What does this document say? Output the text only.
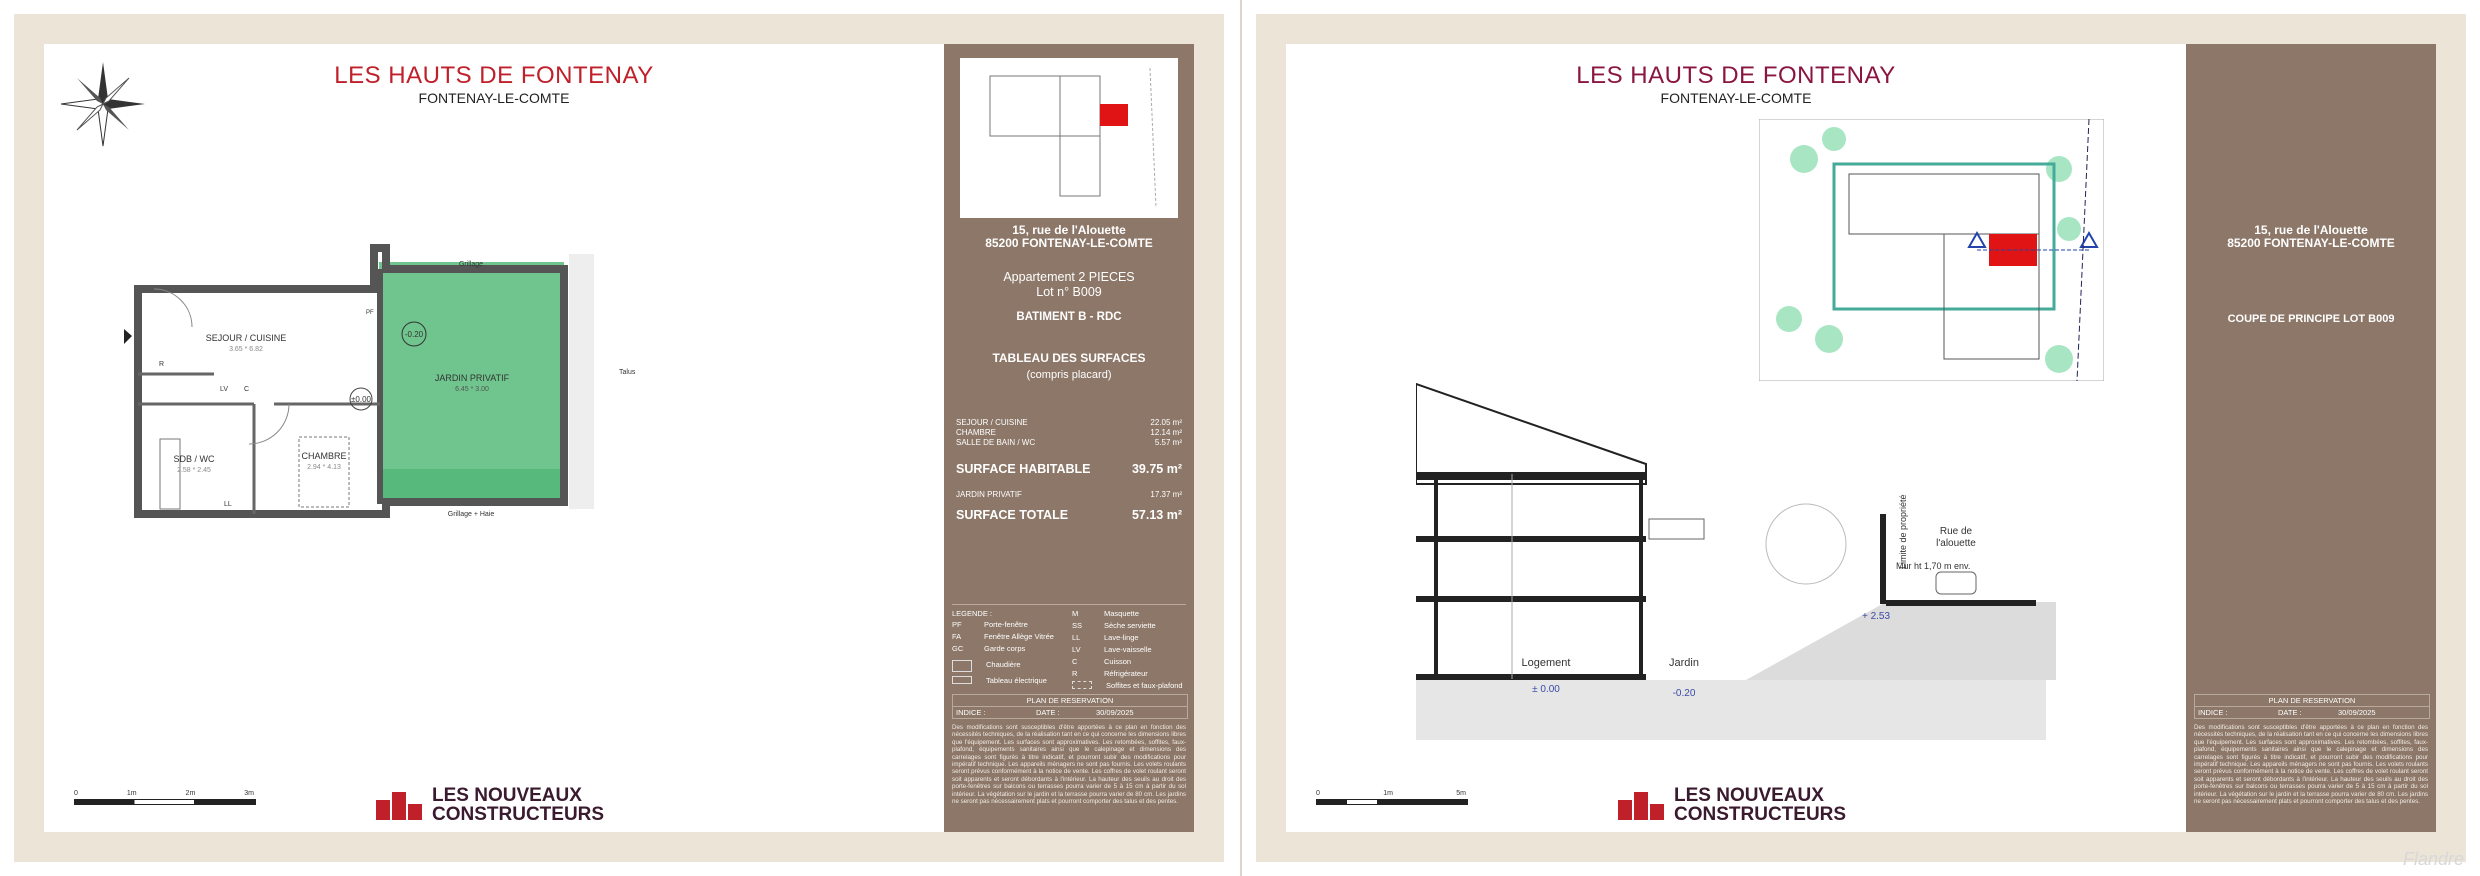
LES HAUTS DE FONTENAY
FONTENAY-LE-COMTE
SEJOUR / CUISINE
3.65 * 6.82
CHAMBRE
2.94 * 4.13
SDB / WC
2.58 * 2.45
JARDIN PRIVATIF
6.45 * 3.00
±0.00
-0.20
Grillage
Grillage + Haie
Talus
LV
R
C
LL
PF
0	1m	2m	3m	LES NOUVEAUX
CONSTRUCTEURS
15, rue de l'Alouette
85200 FONTENAY-LE-COMTE
Appartement 2 PIECES
Lot n° B009
BATIMENT B - RDC
TABLEAU DES SURFACES
(compris placard)
SEJOUR / CUISINE	22.05 m²
CHAMBRE	12.14 m²
SALLE DE BAIN / WC	5.57 m²
SURFACE HABITABLE	39.75 m²
JARDIN PRIVATIF	17.37 m²
SURFACE TOTALE	57.13 m²
LEGENDE :
PF	Porte-fenêtre
FA	Fenêtre Allège Vitrée
GC	Garde corps
Chaudière
Tableau électrique
M	Masquette
SS	Sèche serviette
LL	Lave-linge
LV	Lave-vaisselle
C	Cuisson
R	Réfrigérateur
Soffites et faux-plafond
PLAN DE RESERVATION
INDICE :	DATE :	30/09/2025
Des modifications sont susceptibles d'être apportées à ce plan en fonction des nécessités techniques, de la réalisation tant en ce qui concerne les dimensions libres que l'équipement. Les surfaces sont approximatives. Les retombées, soffites, faux-plafond, équipements sanitaires ainsi que le calepinage et dimensions des carrelages sont figurés à titre indicatif, et pourront subir des modifications pour impératif technique. Les appareils ménagers ne sont pas fournis. Les volets roulants seront prévus conformément à la notice de vente. Les coffres de volet roulant seront soit apparents et seront débordants à l'intérieur. La hauteur des seuils au droit des porte-fenêtres sur balcons ou terrasses pourra varier de 5 à 15 cm à partir du sol intérieur. La végétation sur le jardin et la terrasse pourra varier de 80 cm. Les jardins ne seront pas nécessairement plats et pourront comporter des talus et des pentes.
LES HAUTS DE FONTENAY
FONTENAY-LE-COMTE
Logement
± 0.00
Jardin
-0.20
+ 2.53
Rue de
l'alouette
Mur ht 1,70 m env.
Limite de propriété
0	1m	5m	LES NOUVEAUX
CONSTRUCTEURS
15, rue de l'Alouette
85200 FONTENAY-LE-COMTE
COUPE DE PRINCIPE LOT B009
PLAN DE RESERVATION
INDICE :	DATE :	30/09/2025
Des modifications sont susceptibles d'être apportées à ce plan en fonction des nécessités techniques, de la réalisation tant en ce qui concerne les dimensions libres que l'équipement. Les surfaces sont approximatives. Les retombées, soffites, faux-plafond, équipements sanitaires ainsi que le calepinage et dimensions des carrelages sont figurés à titre indicatif, et pourront subir des modifications pour impératif technique. Les appareils ménagers ne sont pas fournis. Les volets roulants seront prévus conformément à la notice de vente. Les coffres de volet roulant seront soit apparents et seront débordants à l'intérieur. La hauteur des seuils au droit des porte-fenêtres sur balcons ou terrasses pourra varier de 5 à 15 cm à partir du sol intérieur. La végétation sur le jardin et la terrasse pourra varier de 80 cm. Les jardins ne seront pas nécessairement plats et pourront comporter des talus et des pentes.
Flandre
